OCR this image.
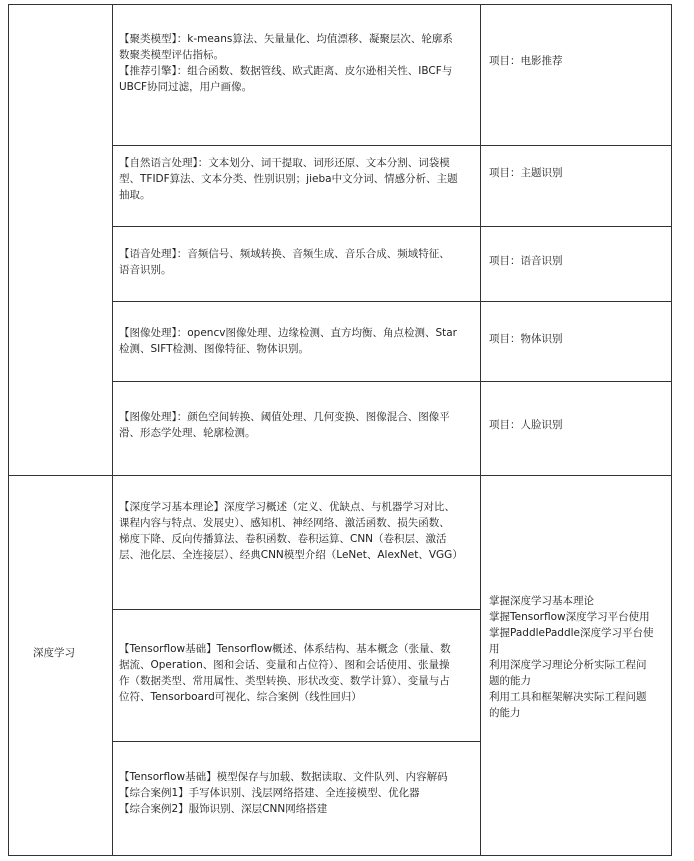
【聚类模型】：k-means算法、矢量量化、均值漂移、凝聚层次、轮廓系
数聚类模型评估指标。
【推荐引擎】：组合函数、数据管线、欧式距离、皮尔逊相关性、IBCF与
UBCF协同过滤，用户画像。
项目：电影推荐
【自然语言处理】：文本划分、词干提取、词形还原、文本分割、词袋模
型、TFIDF算法、文本分类、性别识别；jieba中文分词、情感分析、主题
抽取。
项目：主题识别
【语音处理】：音频信号、频域转换、音频生成、音乐合成、频域特征、
语音识别。
项目：语音识别
【图像处理】：opencv图像处理、边缘检测、直方均衡、角点检测、Star
检测、SIFT检测、图像特征、物体识别。
项目：物体识别
【图像处理】：颜色空间转换、阈值处理、几何变换、图像混合、图像平
滑、形态学处理、轮廓检测。
项目：人脸识别
深度学习
【深度学习基本理论】深度学习概述（定义、优缺点、与机器学习对比、
课程内容与特点、发展史）、感知机、神经网络、激活函数、损失函数、
梯度下降、反向传播算法、卷积函数、卷积运算、CNN（卷积层、激活
层、池化层、全连接层）、经典CNN模型介绍（LeNet、AlexNet、VGG）
【Tensorflow基础】Tensorflow概述、体系结构、基本概念（张量、数
据流、Operation、图和会话、变量和占位符）、图和会话使用、张量操
作（数据类型、常用属性、类型转换、形状改变、数学计算）、变量与占
位符、Tensorboard可视化、综合案例（线性回归）
【Tensorflow基础】模型保存与加载、数据读取、文件队列、内容解码
【综合案例1】手写体识别、浅层网络搭建、全连接模型、优化器
【综合案例2】服饰识别、深层CNN网络搭建
掌握深度学习基本理论
掌握Tensorflow深度学习平台使用
掌握PaddlePaddle深度学习平台使
用
利用深度学习理论分析实际工程问
题的能力
利用工具和框架解决实际工程问题
的能力
